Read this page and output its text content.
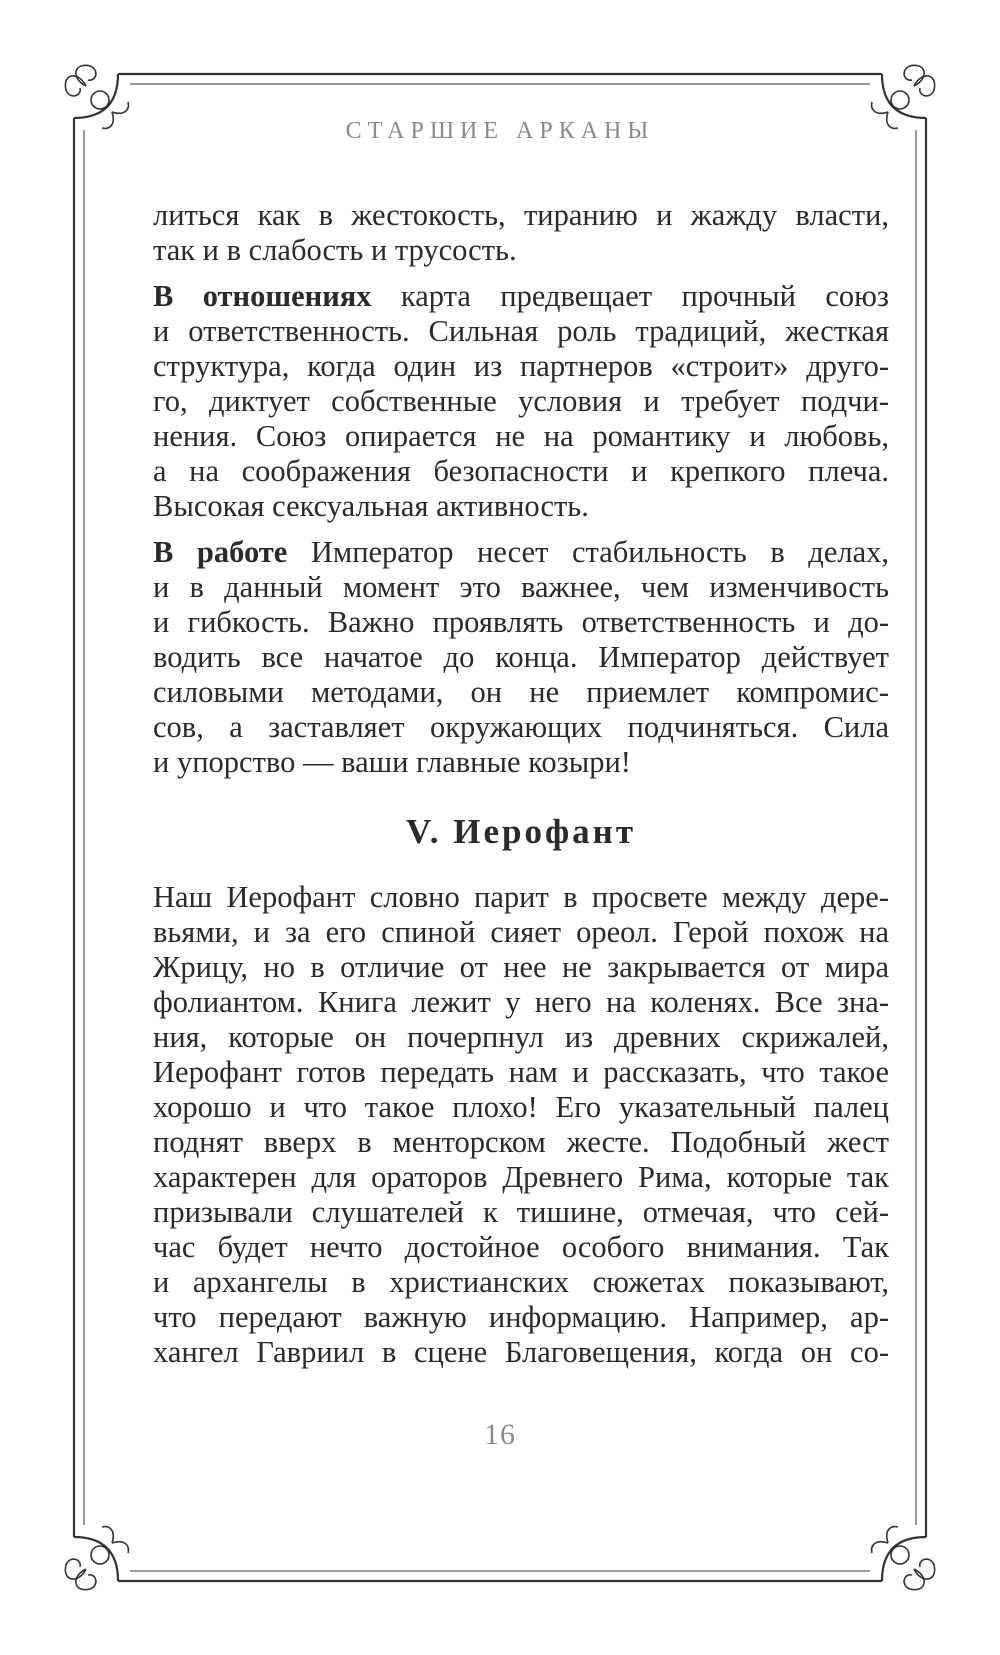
СТАРШИЕ АРКАНЫ
литься как в жестокость, тиранию и жажду власти,
так и в слабость и трусость.
В отношениях карта предвещает прочный союз
и ответственность. Сильная роль традиций, жесткая
структура, когда один из партнеров «строит» друго-
го, диктует собственные условия и требует подчи-
нения. Союз опирается не на романтику и любовь,
а на соображения безопасности и крепкого плеча.
Высокая сексуальная активность.
В работе Император несет стабильность в делах,
и в данный момент это важнее, чем изменчивость
и гибкость. Важно проявлять ответственность и до-
водить все начатое до конца. Император действует
силовыми методами, он не приемлет компромис-
сов, а заставляет окружающих подчиняться. Сила
и упорство — ваши главные козыри!
V. Иерофант
Наш Иерофант словно парит в просвете между дере-
вьями, и за его спиной сияет ореол. Герой похож на
Жрицу, но в отличие от нее не закрывается от мира
фолиантом. Книга лежит у него на коленях. Все зна-
ния, которые он почерпнул из древних скрижалей,
Иерофант готов передать нам и рассказать, что такое
хорошо и что такое плохо! Его указательный палец
поднят вверх в менторском жесте. Подобный жест
характерен для ораторов Древнего Рима, которые так
призывали слушателей к тишине, отмечая, что сей-
час будет нечто достойное особого внимания. Так
и архангелы в христианских сюжетах показывают,
что передают важную информацию. Например, ар-
хангел Гавриил в сцене Благовещения, когда он со-
16
